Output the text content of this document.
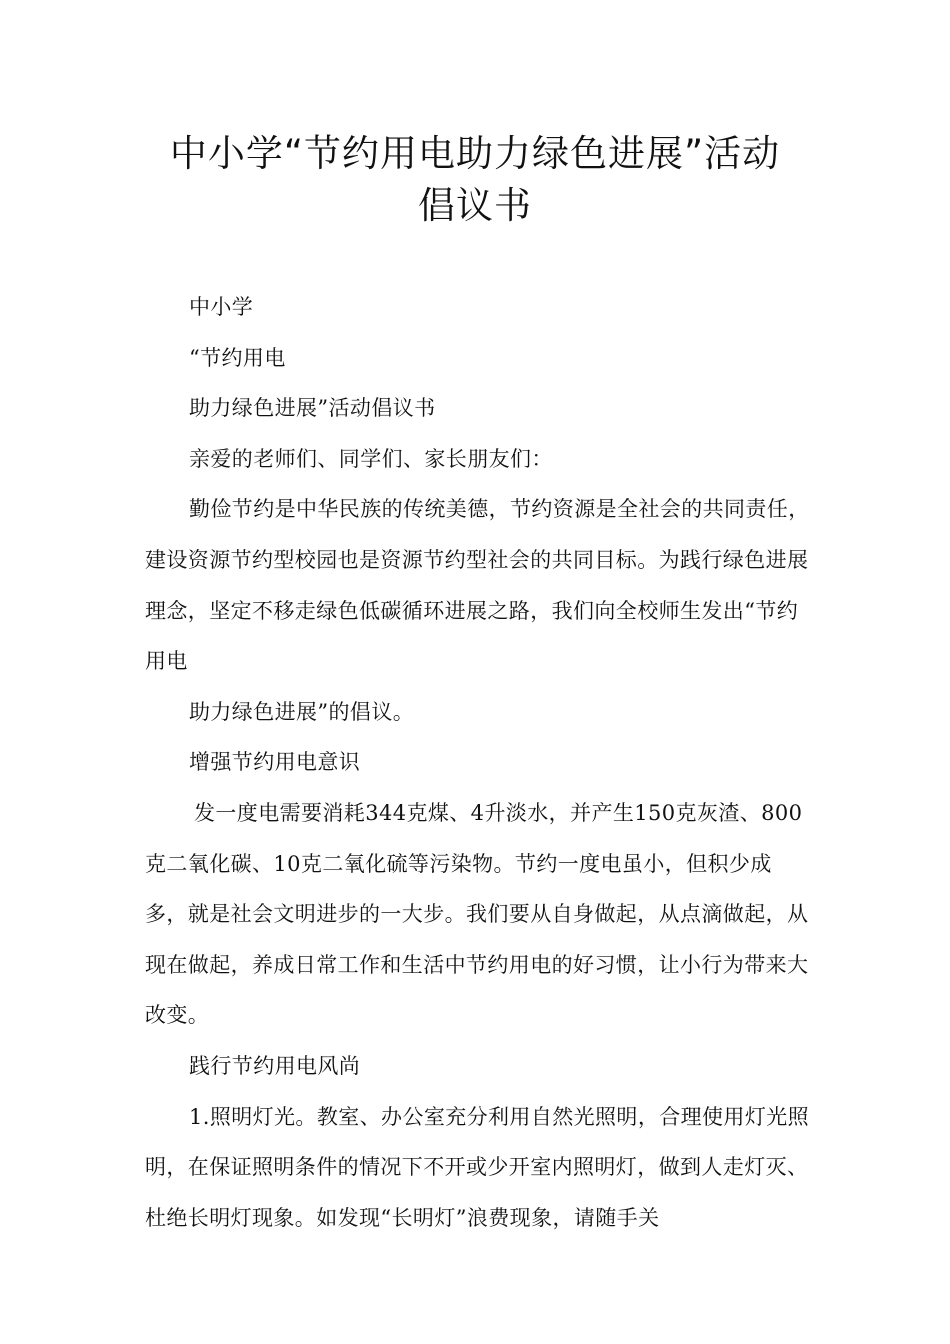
中小学“节约用电助力绿色进展”活动
倡议书

中小学

“节约用电

助力绿色进展”活动倡议书

亲爱的老师们、同学们、家长朋友们：

勤俭节约是中华民族的传统美德，节约资源是全社会的共同责任，建设资源节约型校园也是资源节约型社会的共同目标。为践行绿色进展理念，坚定不移走绿色低碳循环进展之路，我们向全校师生发出“节约用电

助力绿色进展”的倡议。

增强节约用电意识

发一度电需要消耗344克煤、4升淡水，并产生150克灰渣、800克二氧化碳、10克二氧化硫等污染物。节约一度电虽小，但积少成多，就是社会文明进步的一大步。我们要从自身做起，从点滴做起，从现在做起，养成日常工作和生活中节约用电的好习惯，让小行为带来大改变。

践行节约用电风尚

1.照明灯光。教室、办公室充分利用自然光照明，合理使用灯光照明，在保证照明条件的情况下不开或少开室内照明灯，做到人走灯灭、杜绝长明灯现象。如发现“长明灯”浪费现象，请随手关
